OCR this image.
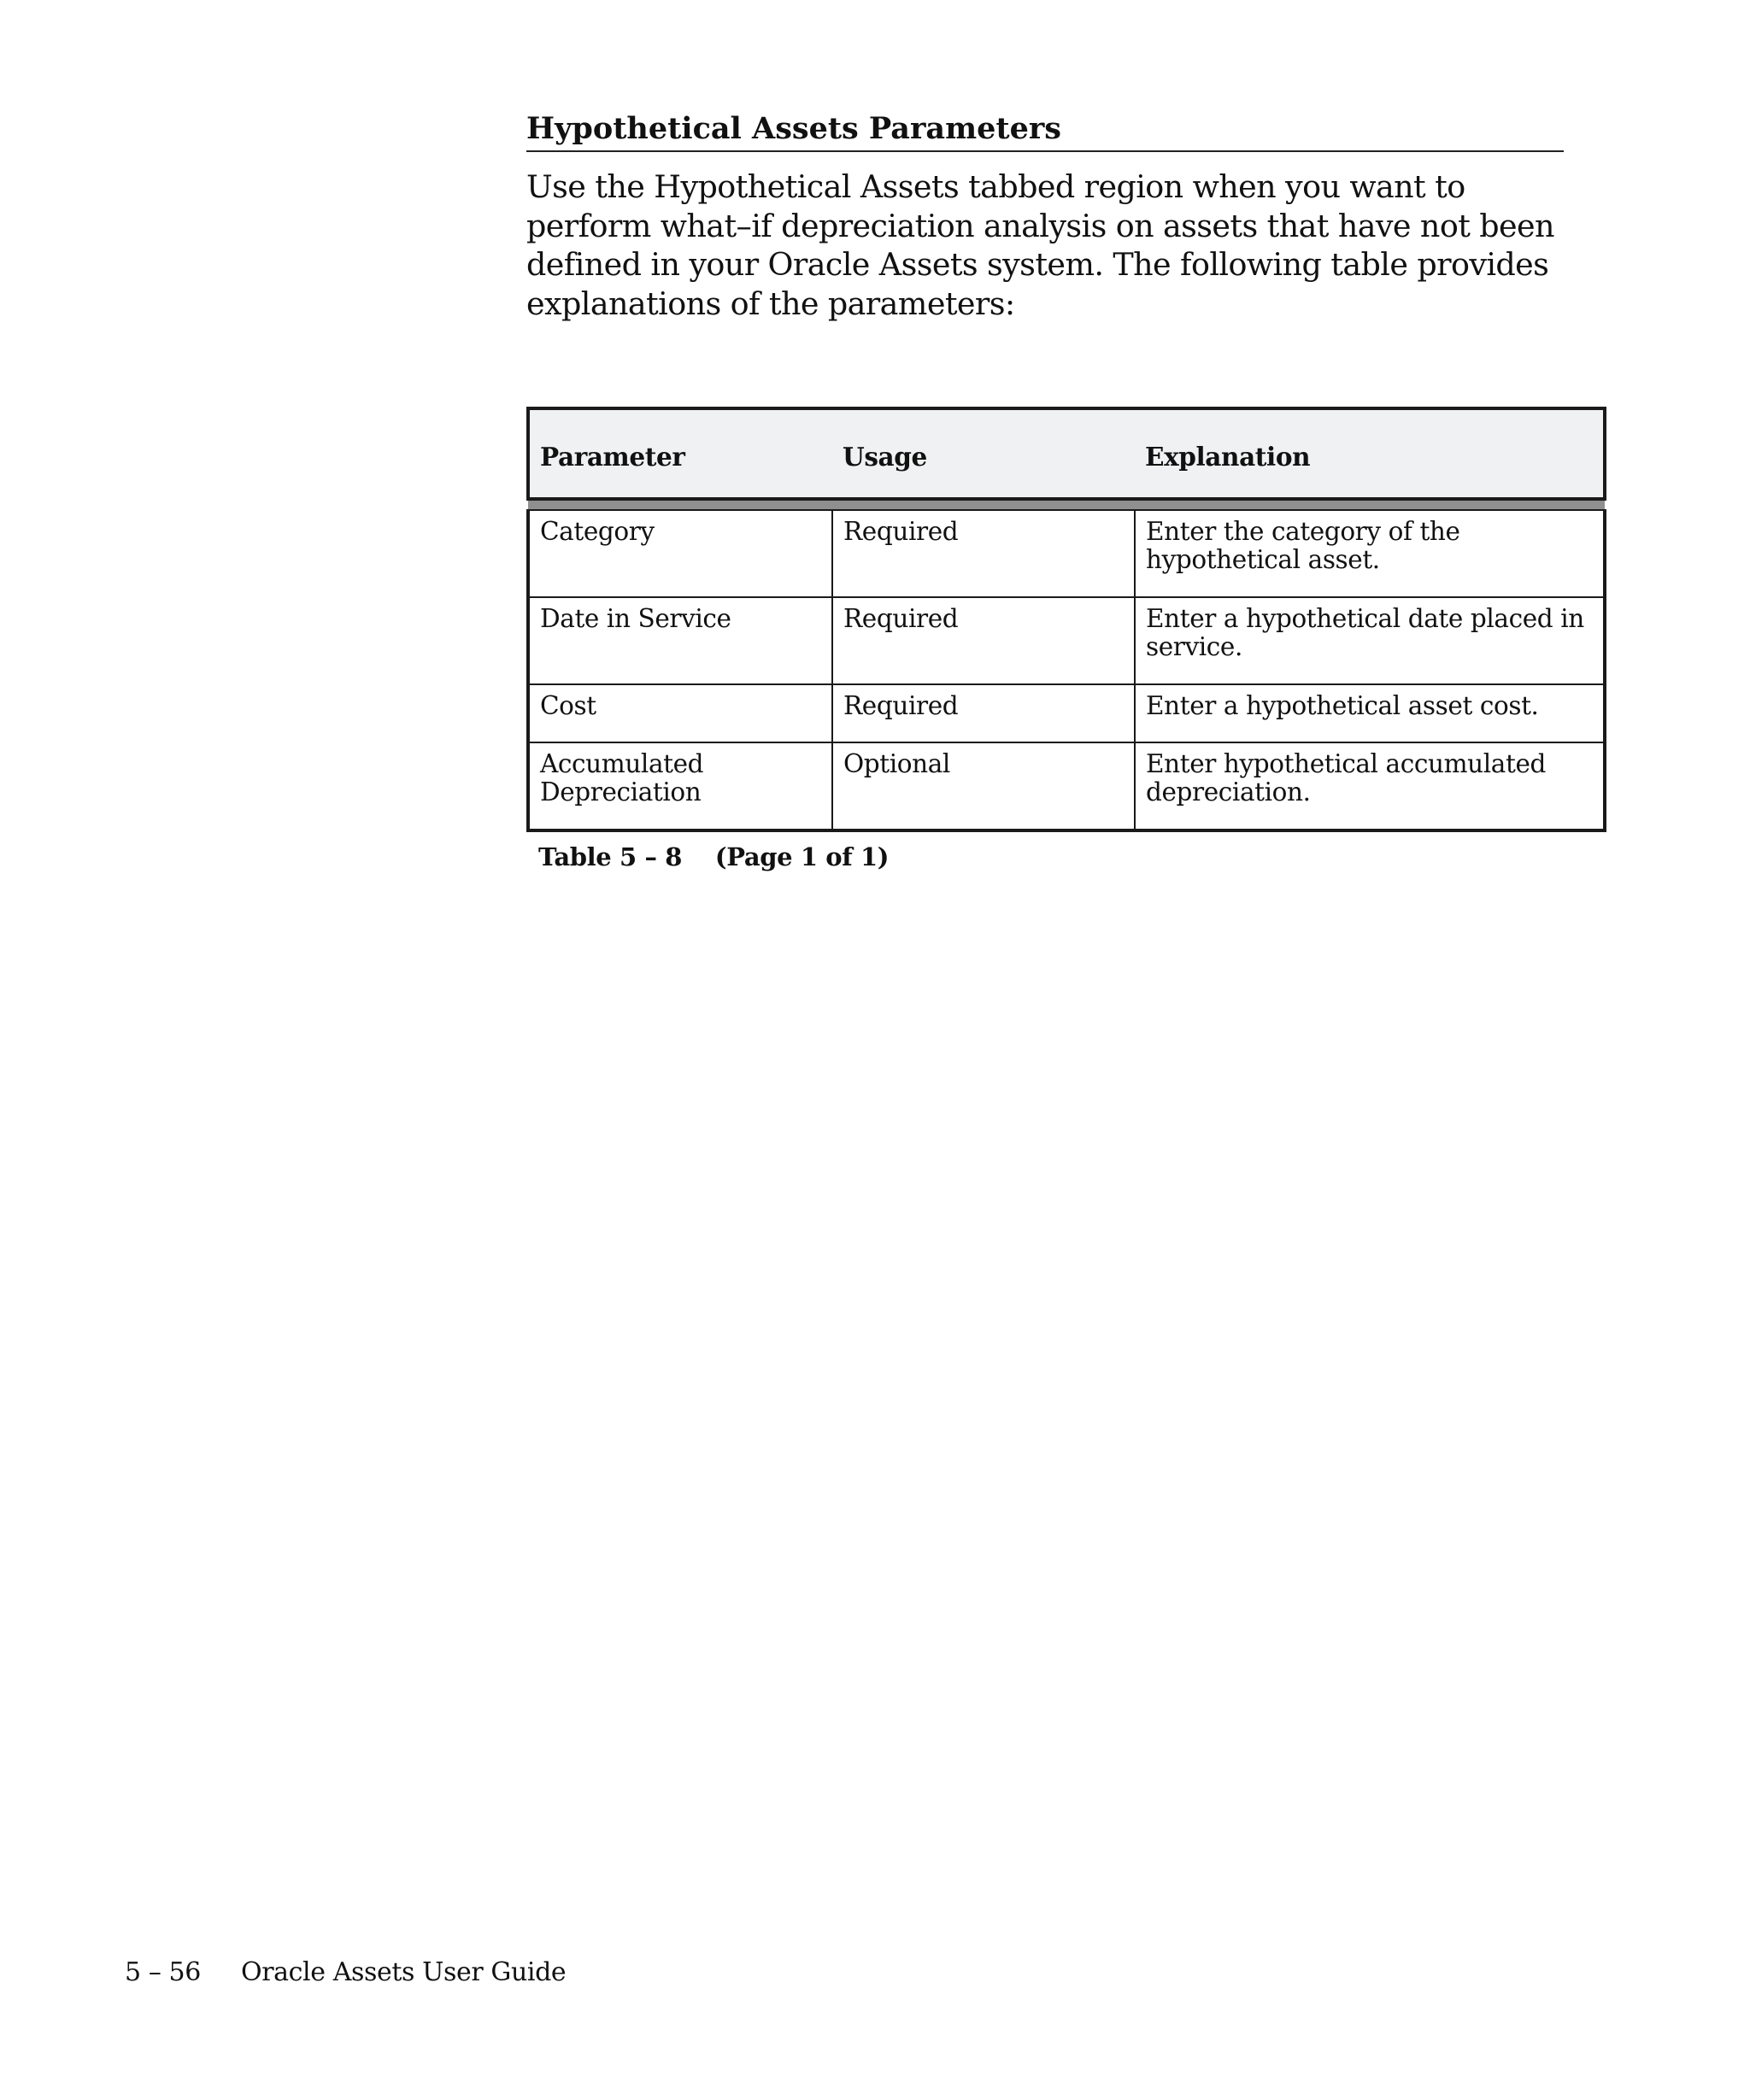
Hypothetical Assets Parameters

Use the Hypothetical Assets tabbed region when you want to perform what–if depreciation analysis on assets that have not been defined in your Oracle Assets system. The following table provides explanations of the parameters:

Parameter	Usage	Explanation

Category	Required	Enter the category of the hypothetical asset.
Date in Service	Required	Enter a hypothetical date placed in service.
Cost	Required	Enter a hypothetical asset cost.
Accumulated Depreciation	Optional	Enter hypothetical accumulated depreciation.
Table 5 – 8    (Page 1 of 1)
5 – 56 Oracle Assets User Guide
